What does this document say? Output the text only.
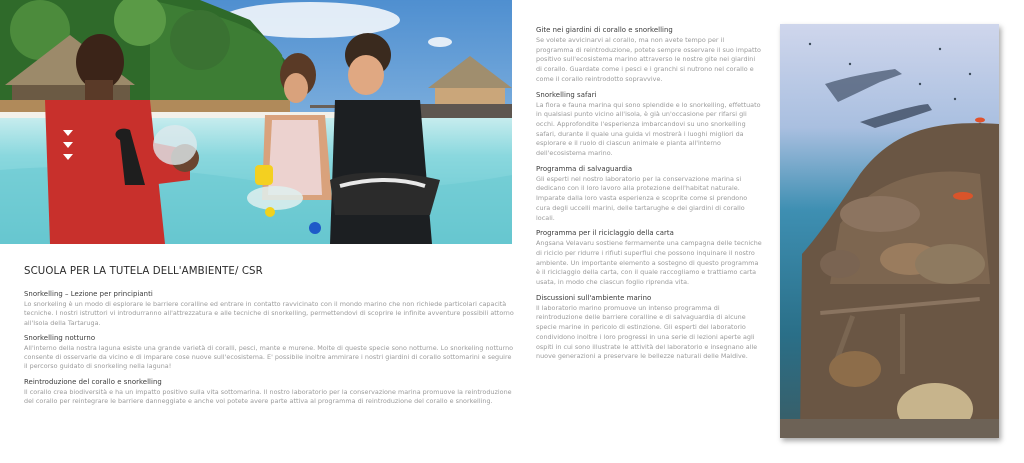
SCUOLA PER LA TUTELA DELL'AMBIENTE/ CSR
Snorkelling – Lezione per principianti

Lo snorkeling è un modo di esplorare le barriere coralline ed entrare in contatto ravvicinato con il mondo marino che non richiede particolari capacità tecniche. I nostri istruttori vi introdurranno all'attrezzatura e alle tecniche di snorkelling, permettendovi di scoprire le infinite avventure possibili attorno all'Isola della Tartaruga.

Snorkelling notturno

All'interno della nostra laguna esiste una grande varietà di coralli, pesci, mante e murene. Molte di queste specie sono notturne. Lo snorkeling notturno consente di osservarle da vicino e di imparare cose nuove sull'ecosistema. E' possibile inoltre ammirare i nostri giardini di corallo sottomarini e seguire il percorso guidato di snorkeling nella laguna!

Reintroduzione del corallo e snorkelling

Il corallo crea biodiversità e ha un impatto positivo sulla vita sottomarina. Il nostro laboratorio per la conservazione marina promuove la reintroduzione del corallo per reintegrare le barriere danneggiate e anche voi potete avere parte attiva al programma di reintroduzione del corallo e snorkelling.

Gite nei giardini di corallo e snorkelling

Se volete avvicinarvi al corallo, ma non avete tempo per il programma di reintroduzione, potete sempre osservare il suo impatto positivo sull'ecosistema marino attraverso le nostre gite nei giardini di corallo. Guardate come i pesci e i granchi si nutrono nel corallo e come il corallo reintrodotto sopravvive.

Snorkelling safari

La flora e fauna marina qui sono splendide e lo snorkelling, effettuato in qualsiasi punto vicino all'isola, è già un'occasione per rifarsi gli occhi. Approfondite l'esperienza imbarcandovi su uno snorkelling safari, durante il quale una guida vi mostrerà i luoghi migliori da esplorare e il ruolo di ciascun animale e pianta all'interno dell'ecosistema marino.

Programma di salvaguardia

Gli esperti nel nostro laboratorio per la conservazione marina si dedicano con il loro lavoro alla protezione dell'habitat naturale. Imparate dalla loro vasta esperienza e scoprite come si prendono cura degli uccelli marini, delle tartarughe e dei giardini di corallo locali.

Programma per il riciclaggio della carta

Angsana Velavaru sostiene fermamente una campagna delle tecniche di riciclo per ridurre i rifiuti superflui che possono inquinare il nostro ambiente. Un importante elemento a sostegno di questo programma è il riciclaggio della carta, con il quale raccogliamo e trattiamo carta usata, in modo che ciascun foglio riprenda vita.

Discussioni sull'ambiente marino

Il laboratorio marino promuove un intenso programma di reintroduzione delle barriere coralline e di salvaguardia di alcune specie marine in pericolo di estinzione. Gli esperti del laboratorio condividono inoltre i loro progressi in una serie di lezioni aperte agli ospiti in cui sono illustrate le attività del laboratorio e insegnano alle nuove generazioni a preservare le bellezze naturali delle Maldive.
